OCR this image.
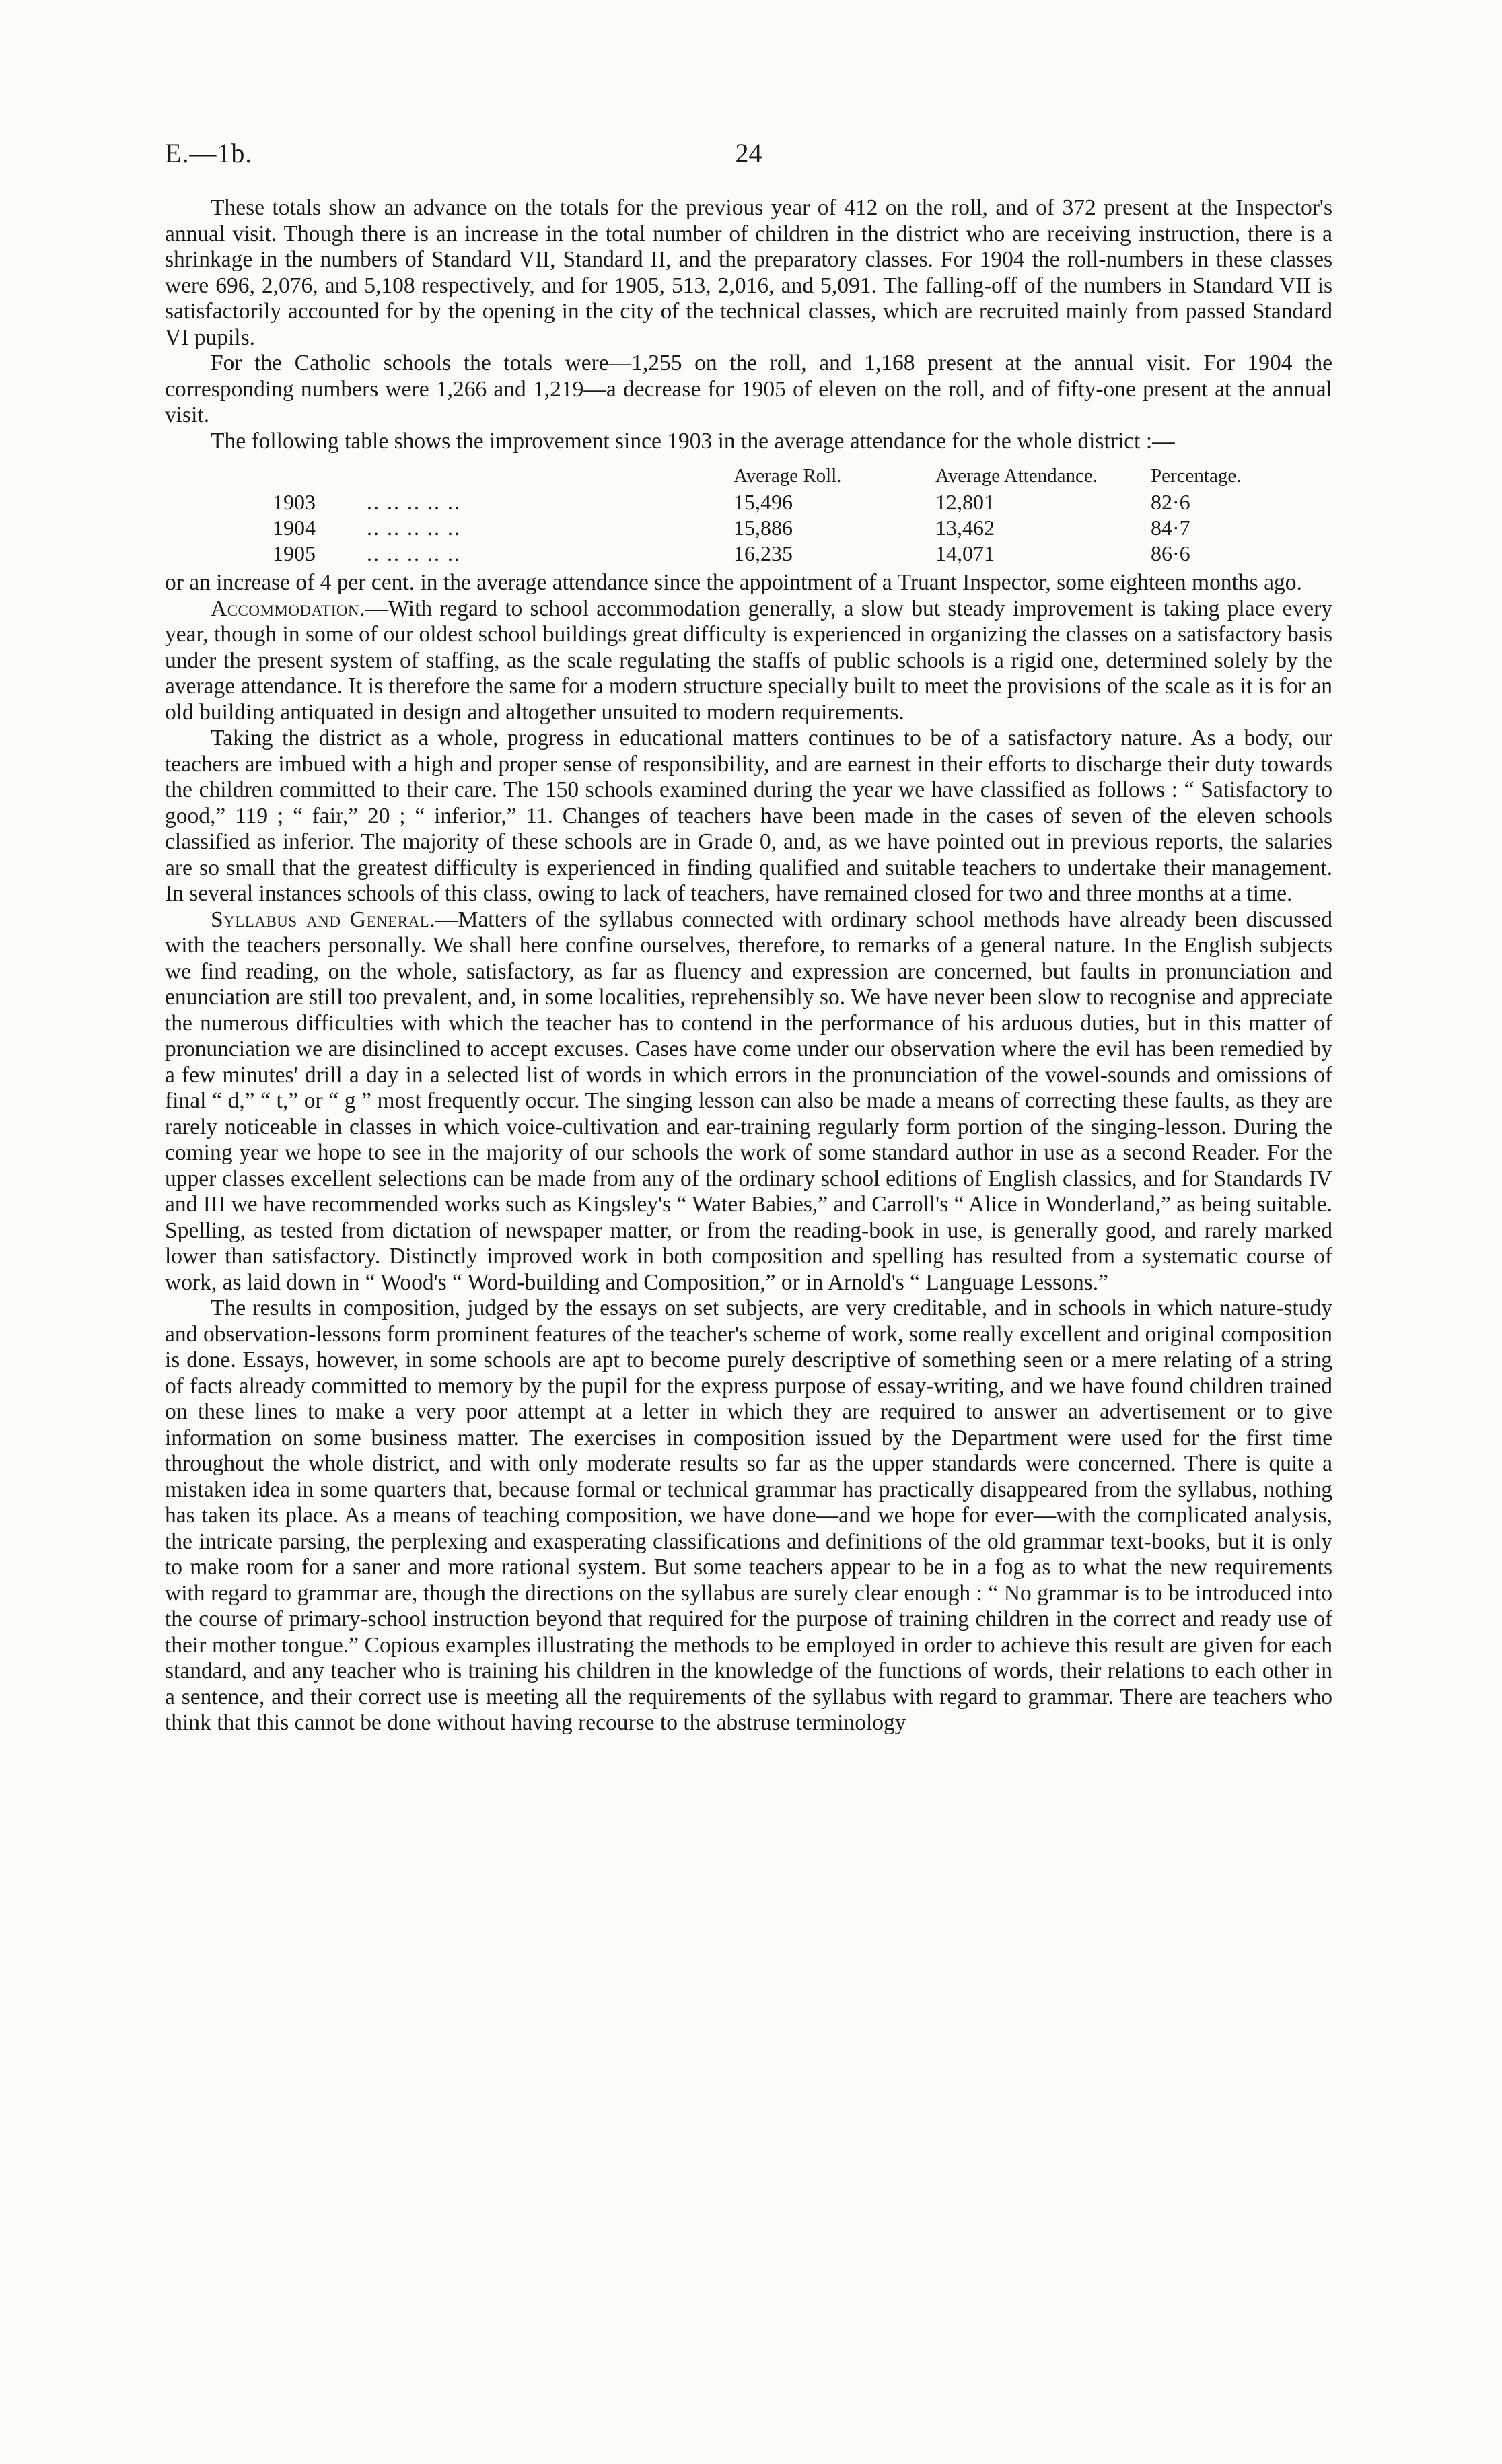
E.—1b.	24

These totals show an advance on the totals for the previous year of 412 on the roll, and of 372 present at the Inspector's annual visit. Though there is an increase in the total number of children in the district who are receiving instruction, there is a shrinkage in the numbers of Standard VII, Standard II, and the preparatory classes. For 1904 the roll-numbers in these classes were 696, 2,076, and 5,108 respectively, and for 1905, 513, 2,016, and 5,091. The falling-off of the numbers in Standard VII is satisfactorily accounted for by the opening in the city of the technical classes, which are recruited mainly from passed Standard VI pupils.

For the Catholic schools the totals were—1,255 on the roll, and 1,168 present at the annual visit. For 1904 the corresponding numbers were 1,266 and 1,219—a decrease for 1905 of eleven on the roll, and of fifty-one present at the annual visit.

The following table shows the improvement since 1903 in the average attendance for the whole district :—

		Average Roll.	Average Attendance.	Percentage.
1903	.. .. .. .. ..	15,496	12,801	82·6
1904	.. .. .. .. ..	15,886	13,462	84·7
1905	.. .. .. .. ..	16,235	14,071	86·6

or an increase of 4 per cent. in the average attendance since the appointment of a Truant Inspector, some eighteen months ago.

Accommodation.—With regard to school accommodation generally, a slow but steady improvement is taking place every year, though in some of our oldest school buildings great difficulty is experienced in organizing the classes on a satisfactory basis under the present system of staffing, as the scale regulating the staffs of public schools is a rigid one, determined solely by the average attendance. It is therefore the same for a modern structure specially built to meet the provisions of the scale as it is for an old building antiquated in design and altogether unsuited to modern requirements.

Taking the district as a whole, progress in educational matters continues to be of a satisfactory nature. As a body, our teachers are imbued with a high and proper sense of responsibility, and are earnest in their efforts to discharge their duty towards the children committed to their care. The 150 schools examined during the year we have classified as follows : “ Satisfactory to good,” 119 ; “ fair,” 20 ; “ inferior,” 11. Changes of teachers have been made in the cases of seven of the eleven schools classified as inferior. The majority of these schools are in Grade 0, and, as we have pointed out in previous reports, the salaries are so small that the greatest difficulty is experienced in finding qualified and suitable teachers to undertake their management. In several instances schools of this class, owing to lack of teachers, have remained closed for two and three months at a time.

Syllabus and General.—Matters of the syllabus connected with ordinary school methods have already been discussed with the teachers personally. We shall here confine ourselves, therefore, to remarks of a general nature. In the English subjects we find reading, on the whole, satisfactory, as far as fluency and expression are concerned, but faults in pronunciation and enunciation are still too prevalent, and, in some localities, reprehensibly so. We have never been slow to recognise and appreciate the numerous difficulties with which the teacher has to contend in the performance of his arduous duties, but in this matter of pronunciation we are disinclined to accept excuses. Cases have come under our observation where the evil has been remedied by a few minutes' drill a day in a selected list of words in which errors in the pronunciation of the vowel-sounds and omissions of final “ d,” “ t,” or “ g ” most frequently occur. The singing lesson can also be made a means of correcting these faults, as they are rarely noticeable in classes in which voice-cultivation and ear-training regularly form portion of the singing-lesson. During the coming year we hope to see in the majority of our schools the work of some standard author in use as a second Reader. For the upper classes excellent selections can be made from any of the ordinary school editions of English classics, and for Standards IV and III we have recommended works such as Kingsley's “ Water Babies,” and Carroll's “ Alice in Wonderland,” as being suitable. Spelling, as tested from dictation of newspaper matter, or from the reading-book in use, is generally good, and rarely marked lower than satisfactory. Distinctly improved work in both composition and spelling has resulted from a systematic course of work, as laid down in “ Wood's “ Word-building and Composition,” or in Arnold's “ Language Lessons.”

The results in composition, judged by the essays on set subjects, are very creditable, and in schools in which nature-study and observation-lessons form prominent features of the teacher's scheme of work, some really excellent and original composition is done. Essays, however, in some schools are apt to become purely descriptive of something seen or a mere relating of a string of facts already committed to memory by the pupil for the express purpose of essay-writing, and we have found children trained on these lines to make a very poor attempt at a letter in which they are required to answer an advertisement or to give information on some business matter. The exercises in composition issued by the Department were used for the first time throughout the whole district, and with only moderate results so far as the upper standards were concerned. There is quite a mistaken idea in some quarters that, because formal or technical grammar has practically disappeared from the syllabus, nothing has taken its place. As a means of teaching composition, we have done—and we hope for ever—with the complicated analysis, the intricate parsing, the perplexing and exasperating classifications and definitions of the old grammar text-books, but it is only to make room for a saner and more rational system. But some teachers appear to be in a fog as to what the new requirements with regard to grammar are, though the directions on the syllabus are surely clear enough : “ No grammar is to be introduced into the course of primary-school instruction beyond that required for the purpose of training children in the correct and ready use of their mother tongue.” Copious examples illustrating the methods to be employed in order to achieve this result are given for each standard, and any teacher who is training his children in the knowledge of the functions of words, their relations to each other in a sentence, and their correct use is meeting all the requirements of the syllabus with regard to grammar. There are teachers who think that this cannot be done without having recourse to the abstruse terminology
